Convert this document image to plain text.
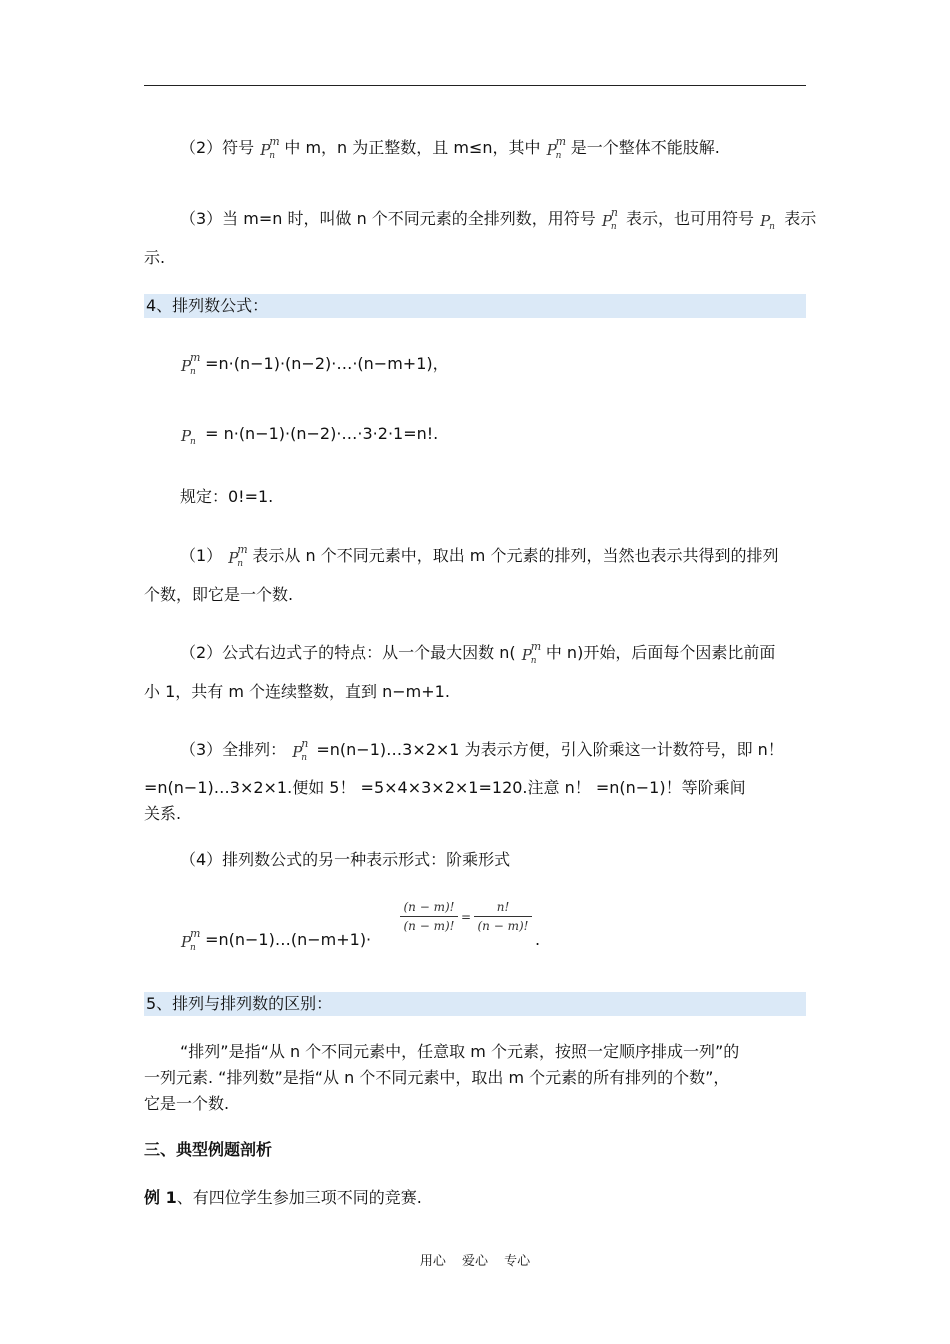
（2）符号 P
m
n 中 m，n 为正整数，且 m≤n，其中 P
m
n 是一个整体不能肢解.
（3）当 m=n 时，叫做 n 个不同元素的全排列数，用符号 P
n
n 表示，也可用符号 P
n 表示
示.
4、排列数公式：
P
m
n =n·(n−1)·(n−2)·…·(n−m+1)，
P
n = n·(n−1)·(n−2)·…·3·2·1=n!.
规定：0!=1.
（1） P
m
n 表示从 n 个不同元素中，取出 m 个元素的排列，当然也表示共得到的排列
个数，即它是一个数.
（2）公式右边式子的特点：从一个最大因数 n( P
m
n 中 n)开始，后面每个因素比前面
小 1，共有 m 个连续整数，直到 n−m+1.
（3）全排列： P
n
n =n(n−1)…3×2×1 为表示方便，引入阶乘这一计数符号，即 n！
=n(n−1)…3×2×1.便如 5！ =5×4×3×2×1=120.注意 n！ =n(n−1)！等阶乘间
关系.
（4）排列数公式的另一种表示形式：阶乘形式
P
m
n =n(n−1)…(n−m+1)·
(n − m)!
(n − m)!
=
n!
(n − m)!
.
5、排列与排列数的区别：
“排列”是指“从 n 个不同元素中，任意取 m 个元素，按照一定顺序排成一列”的
一列元素. “排列数”是指“从 n 个不同元素中，取出 m 个元素的所有排列的个数”，
它是一个数.
三、典型例题剖析
例 1、有四位学生参加三项不同的竞赛.
用心 爱心 专心
